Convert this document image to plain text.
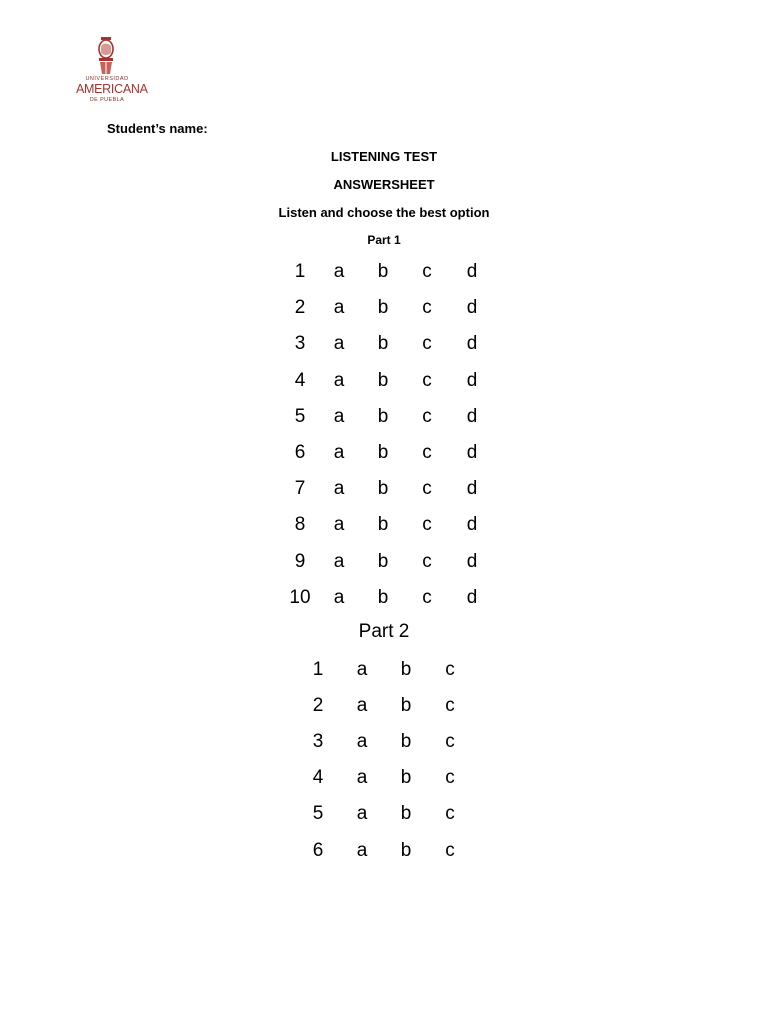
UNIVERSIDAD
AMERICANA
DE PUEBLA
Student’s name:
LISTENING TEST
ANSWERSHEET
Listen and choose the best option
Part 1
1	a	b	c	d
2	a	b	c	d
3	a	b	c	d
4	a	b	c	d
5	a	b	c	d
6	a	b	c	d
7	a	b	c	d
8	a	b	c	d
9	a	b	c	d
10	a	b	c	d
Part 2
1	a	b	c
2	a	b	c
3	a	b	c
4	a	b	c
5	a	b	c
6	a	b	c
